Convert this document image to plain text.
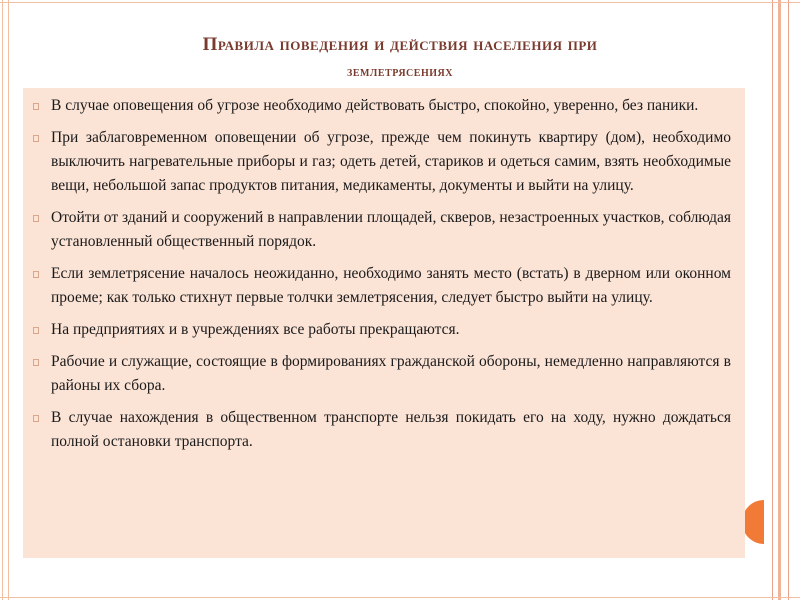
Правила поведения и действия населения при
землетрясениях
В случае оповещения об угрозе необходимо действовать быстро, спокойно, уверенно, без паники.
При заблаговременном оповещении об угрозе, прежде чем покинуть квартиру (дом), необходимо выключить нагревательные приборы и газ; одеть детей, стариков и одеться самим, взять необходимые вещи, небольшой запас продуктов питания, медикаменты, документы и выйти на улицу.
Отойти от зданий и сооружений в направлении площадей, скверов, незастроенных участков, соблюдая установленный общественный порядок.
Если землетрясение началось неожиданно, необходимо занять место (встать) в дверном или оконном проеме; как только стихнут первые толчки землетрясения, следует быстро выйти на улицу.
На предприятиях и в учреждениях все работы прекращаются.
Рабочие и служащие, состоящие в формированиях гражданской обороны, немедленно направляются в районы их сбора.
В случае нахождения в общественном транспорте нельзя покидать его на ходу, нужно дождаться полной остановки транспорта.
